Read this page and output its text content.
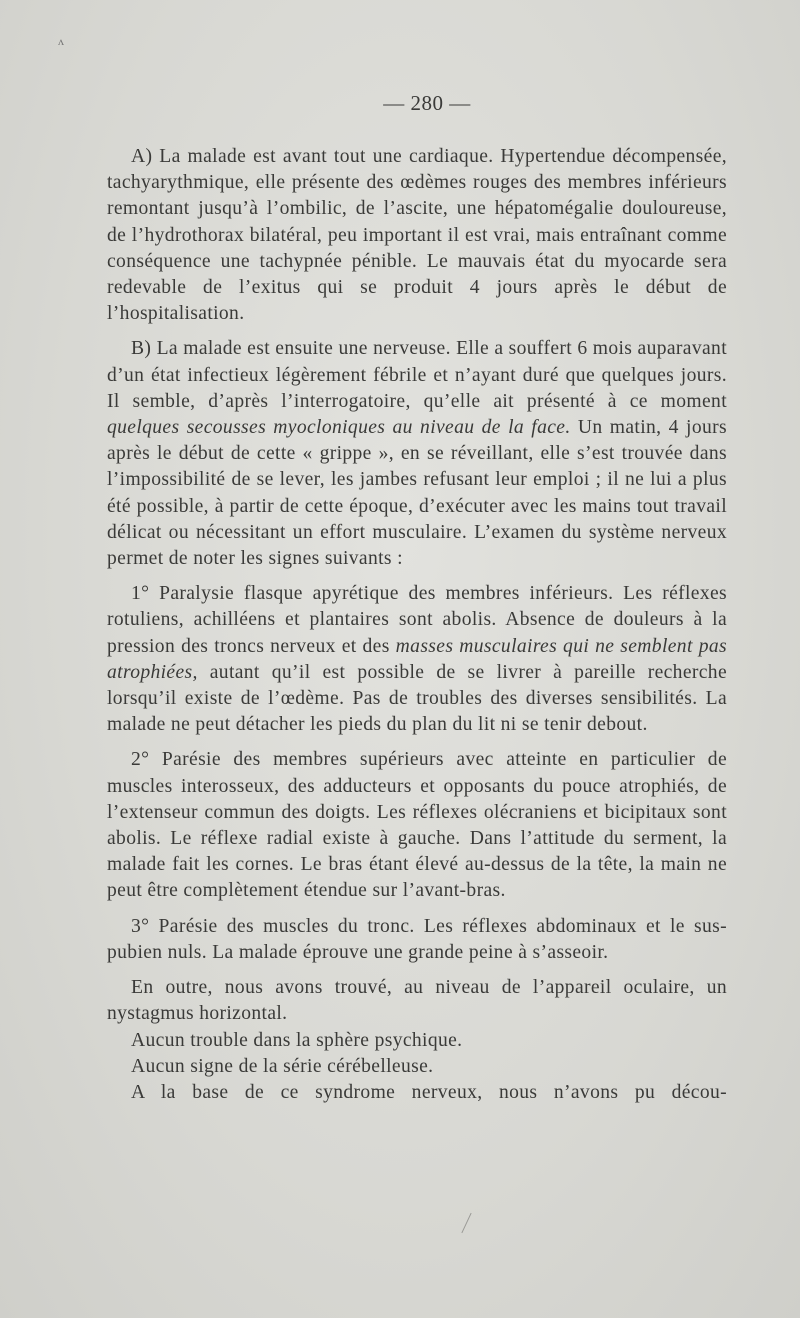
ʌ
— 280 —

A) La malade est avant tout une cardiaque. Hypertendue décompensée, tachyarythmique, elle présente des œdèmes rouges des membres inférieurs remontant jusqu’à l’ombilic, de l’ascite, une hépatomégalie douloureuse, de l’hydrothorax bilatéral, peu important il est vrai, mais entraînant comme conséquence une tachypnée pénible. Le mauvais état du myocarde sera redevable de l’exitus qui se produit 4 jours après le début de l’hospitalisation.

B) La malade est ensuite une nerveuse. Elle a souffert 6 mois auparavant d’un état infectieux légèrement fébrile et n’ayant duré que quelques jours. Il semble, d’après l’interrogatoire, qu’elle ait présenté à ce moment quelques secousses myocloniques au niveau de la face. Un matin, 4 jours après le début de cette « grippe », en se réveillant, elle s’est trouvée dans l’impossibilité de se lever, les jambes refusant leur emploi ; il ne lui a plus été possible, à partir de cette époque, d’exécuter avec les mains tout travail délicat ou nécessitant un effort musculaire. L’examen du système nerveux permet de noter les signes suivants :

1° Paralysie flasque apyrétique des membres inférieurs. Les réflexes rotuliens, achilléens et plantaires sont abolis. Absence de douleurs à la pression des troncs nerveux et des masses musculaires qui ne semblent pas atrophiées, autant qu’il est possible de se livrer à pareille recherche lorsqu’il existe de l’œdème. Pas de troubles des diverses sensibilités. La malade ne peut détacher les pieds du plan du lit ni se tenir debout.

2° Parésie des membres supérieurs avec atteinte en particulier de muscles interosseux, des adducteurs et opposants du pouce atrophiés, de l’extenseur commun des doigts. Les réflexes olécraniens et bicipitaux sont abolis. Le réflexe radial existe à gauche. Dans l’attitude du serment, la malade fait les cornes. Le bras étant élevé au-dessus de la tête, la main ne peut être complètement étendue sur l’avant-bras.

3° Parésie des muscles du tronc. Les réflexes abdominaux et le sus-pubien nuls. La malade éprouve une grande peine à s’asseoir.

En outre, nous avons trouvé, au niveau de l’appareil oculaire, un nystagmus horizontal.

Aucun trouble dans la sphère psychique.

Aucun signe de la série cérébelleuse.

A la base de ce syndrome nerveux, nous n’avons pu décou-
